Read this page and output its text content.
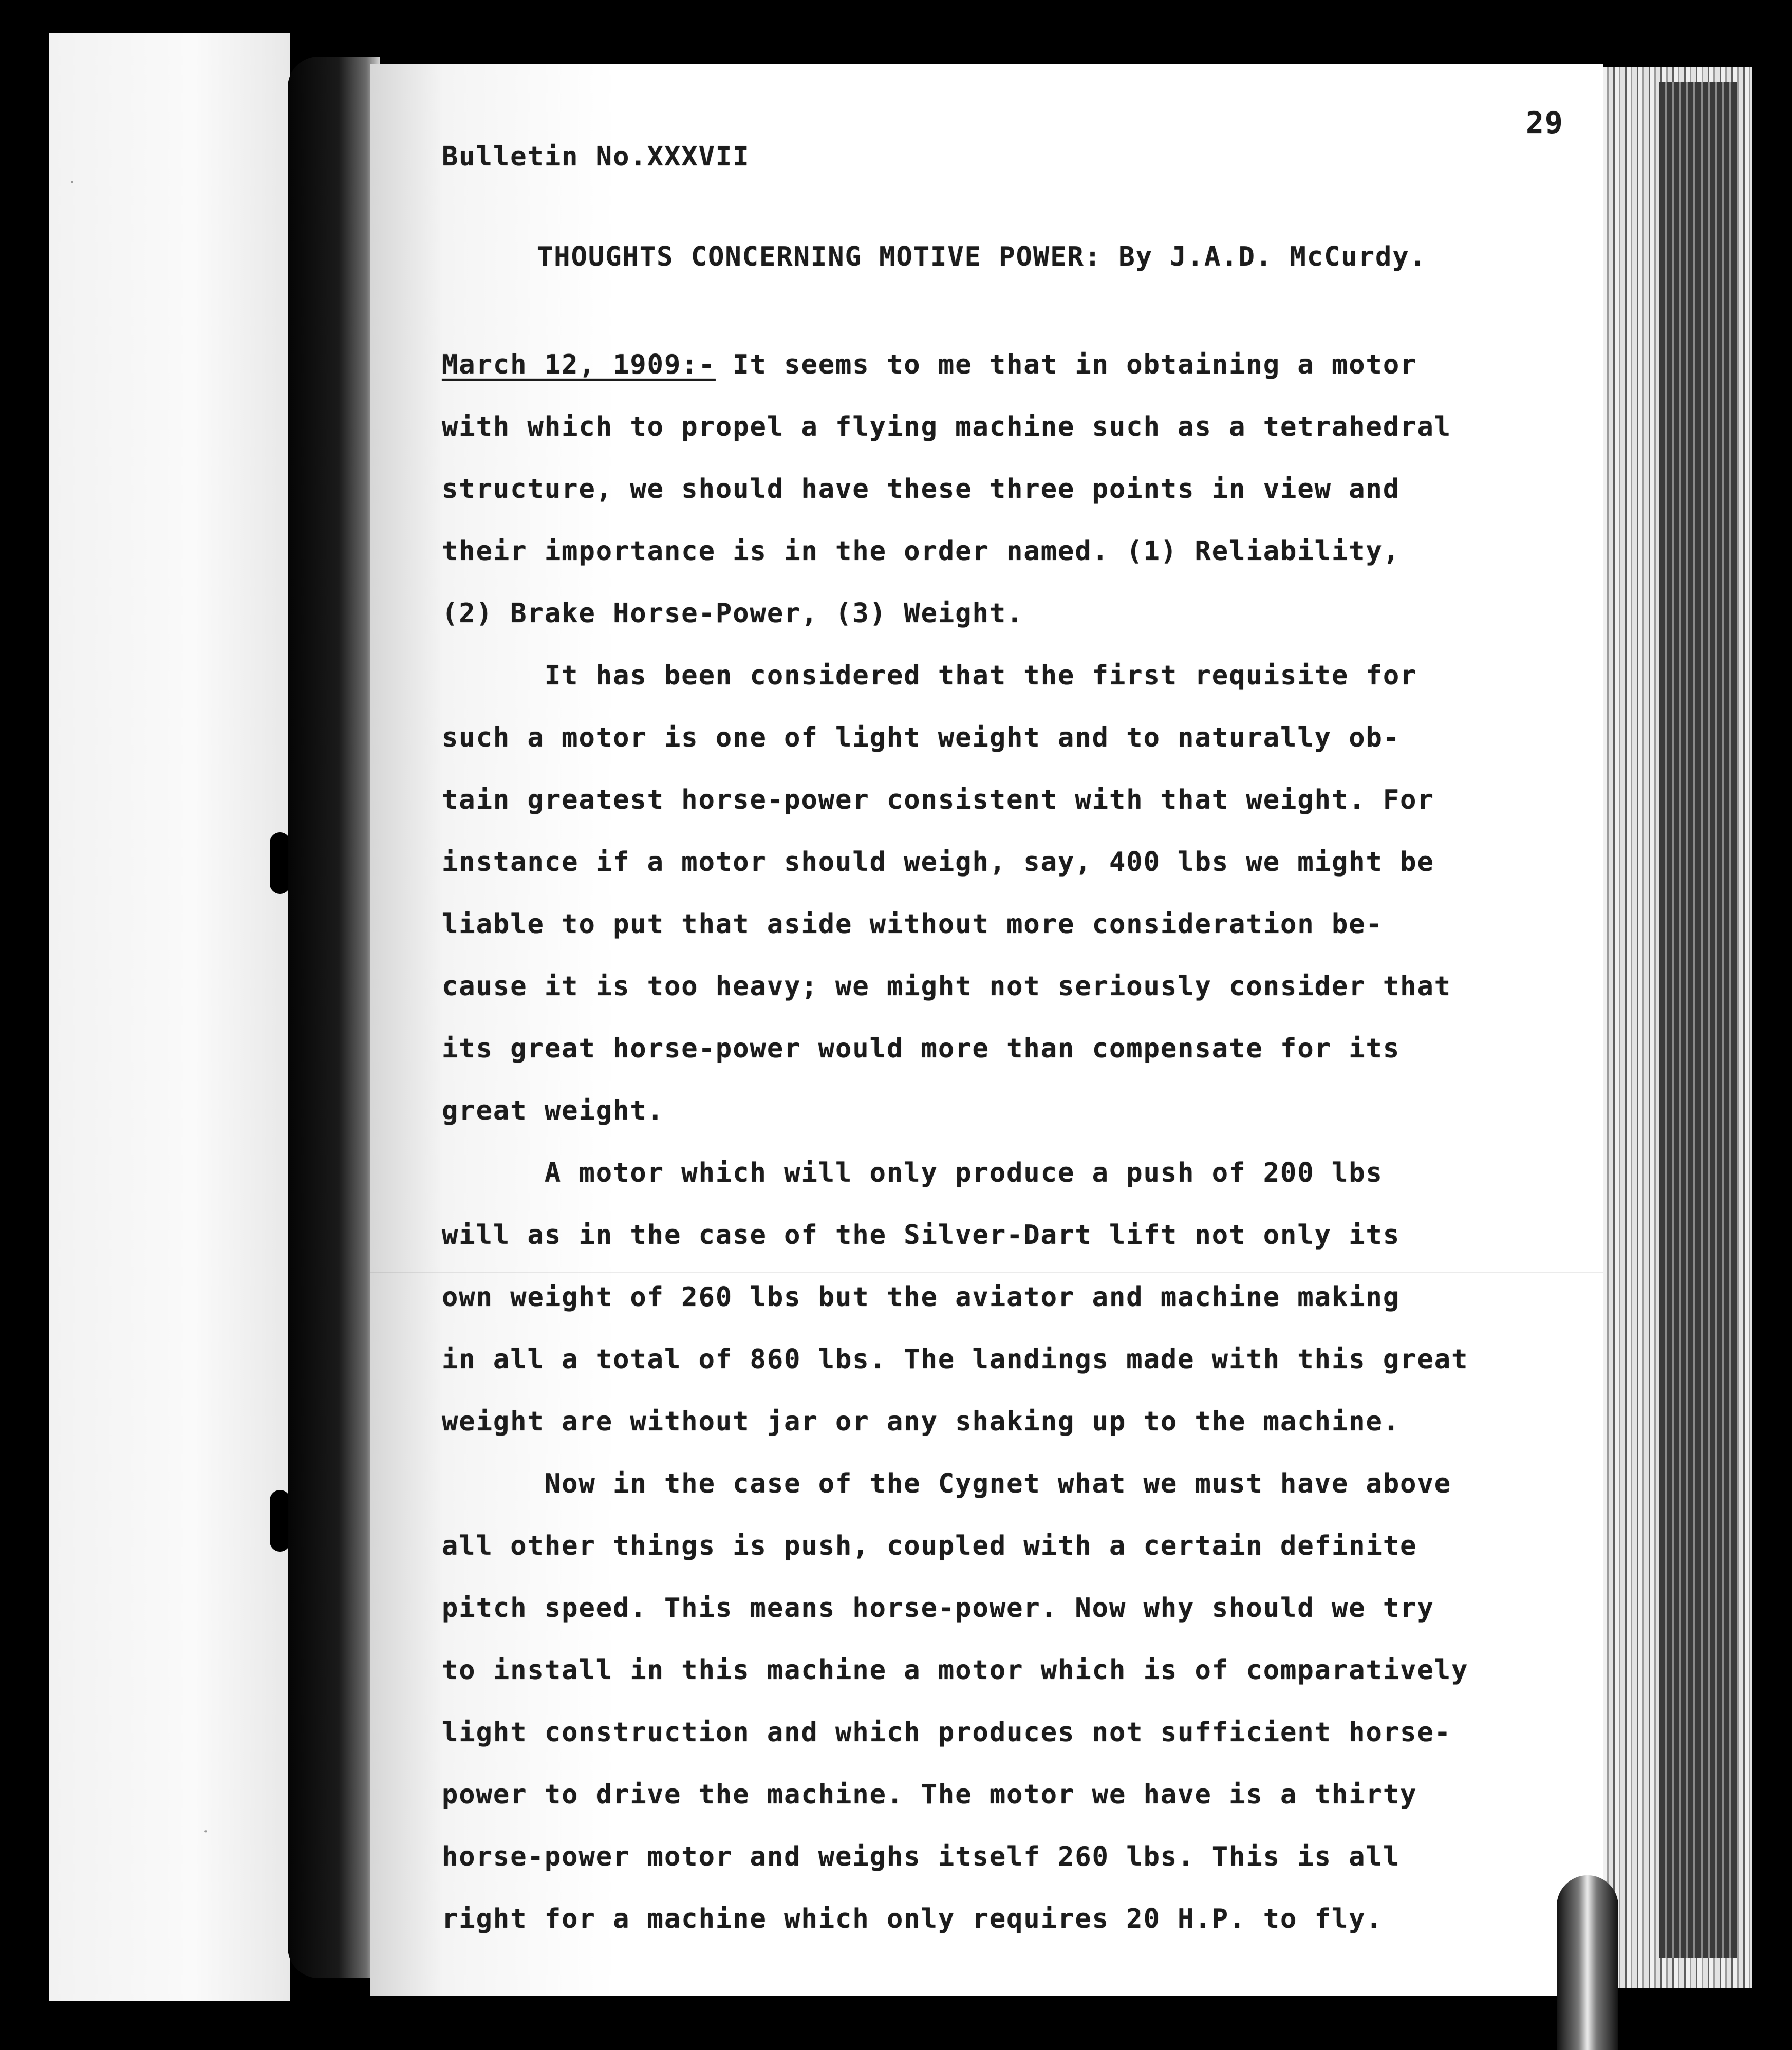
·
·
29
Bulletin No.XXXVII
THOUGHTS CONCERNING MOTIVE POWER: By J.A.D. McCurdy.
March 12, 1909:- It seems to me that in obtaining a motor
with which to propel a flying machine such as a tetrahedral
structure, we should have these three points in view and
their importance is in the order named. (1) Reliability,
(2) Brake Horse-Power, (3) Weight.
It has been considered that the first requisite for
such a motor is one of light weight and to naturally ob-
tain greatest horse-power consistent with that weight. For
instance if a motor should weigh, say, 400 lbs we might be
liable to put that aside without more consideration be-
cause it is too heavy; we might not seriously consider that
its great horse-power would more than compensate for its
great weight.
A motor which will only produce a push of 200 lbs
will as in the case of the Silver-Dart lift not only its
own weight of 260 lbs but the aviator and machine making
in all a total of 860 lbs. The landings made with this great
weight are without jar or any shaking up to the machine.
Now in the case of the Cygnet what we must have above
all other things is push, coupled with a certain definite
pitch speed. This means horse-power. Now why should we try
to install in this machine a motor which is of comparatively
light construction and which produces not sufficient horse-
power to drive the machine. The motor we have is a thirty
horse-power motor and weighs itself 260 lbs. This is all
right for a machine which only requires 20 H.P. to fly.
